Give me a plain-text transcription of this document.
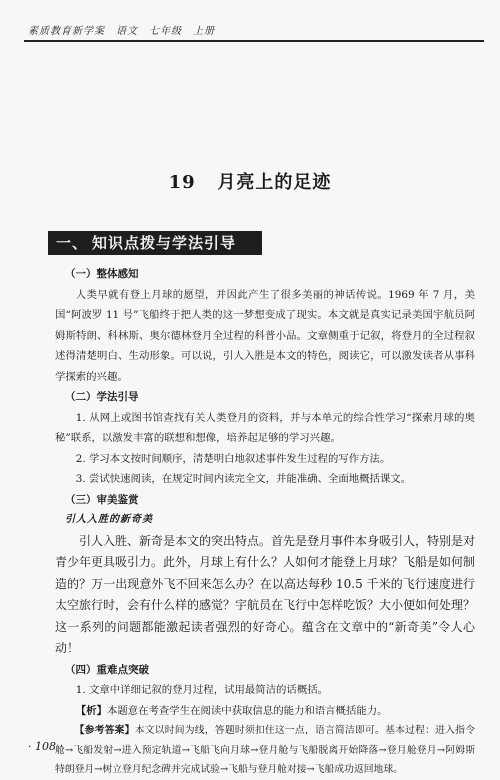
素质教育新学案　语文　七年级　上册
19 月亮上的足迹
一、 知识点拨与学法引导
（一）整体感知

人类早就有登上月球的愿望，并因此产生了很多美丽的神话传说。1969 年 7 月，美国“阿波罗 11 号”飞船终于把人类的这一梦想变成了现实。本文就是真实记录美国宇航员阿姆斯特朗、科林斯、奥尔德林登月全过程的科普小品。文章侧重于记叙，将登月的全过程叙述得清楚明白、生动形象。可以说，引人入胜是本文的特色，阅读它，可以激发读者从事科学探索的兴趣。

（二）学法引导

1. 从网上或图书馆查找有关人类登月的资料，并与本单元的综合性学习“探索月球的奥秘”联系，以激发丰富的联想和想像，培养起足够的学习兴趣。

2. 学习本文按时间顺序，清楚明白地叙述事件发生过程的写作方法。

3. 尝试快速阅读，在规定时间内读完全文，并能准确、全面地概括课文。

（三）审美鉴赏
引人入胜的新奇美

引人入胜、新奇是本文的突出特点。首先是登月事件本身吸引人，特别是对青少年更具吸引力。此外，月球上有什么？人如何才能登上月球？飞船是如何制造的？万一出现意外飞不回来怎么办？在以高达每秒 10.5 千米的飞行速度进行太空旅行时，会有什么样的感觉？宇航员在飞行中怎样吃饭？大小便如何处理？这一系列的问题都能激起读者强烈的好奇心。蕴含在文章中的“新奇美”令人心动！

（四）重难点突破

1. 文章中详细记叙的登月过程，试用最简洁的话概括。

【析】本题意在考查学生在阅读中获取信息的能力和语言概括能力。

【参考答案】本文以时间为线，答题时须扣住这一点，语言简洁即可。基本过程：进入指令舱→飞船发射→进入预定轨道→飞船飞向月球→登月舱与飞船脱离开始降落→登月舱登月→阿姆斯特朗登月→树立登月纪念碑并完成试验→飞船与登月舱对接→飞船成功返回地球。

· 108 ·
